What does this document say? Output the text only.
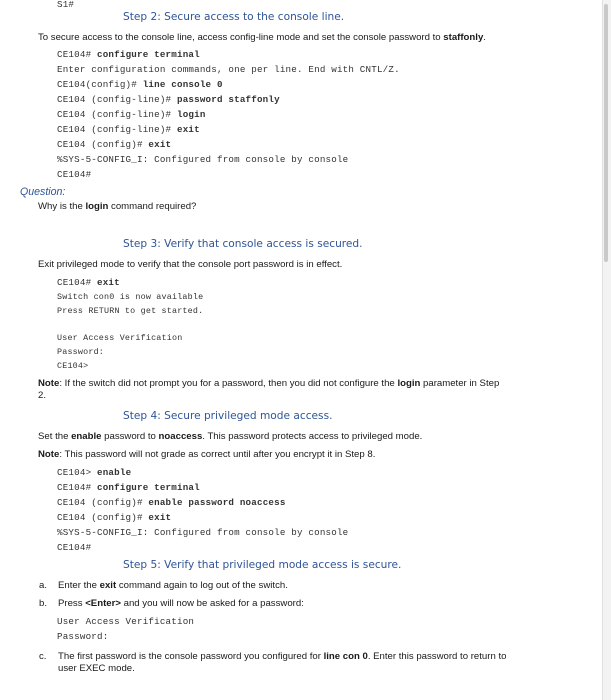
S1#
Step 2: Secure access to the console line.
To secure access to the console line, access config-line mode and set the console password to staffonly.
CE104# configure terminal
Enter configuration commands, one per line. End with CNTL/Z.
CE104(config)# line console 0
CE104 (config-line)# password staffonly
CE104 (config-line)# login
CE104 (config-line)# exit
CE104 (config)# exit
%SYS-5-CONFIG_I: Configured from console by console
CE104#
Question:
Why is the login command required?
Step 3: Verify that console access is secured.
Exit privileged mode to verify that the console port password is in effect.
CE104# exit
Switch con0 is now available
Press RETURN to get started.
User Access Verification
Password:
CE104>
Note: If the switch did not prompt you for a password, then you did not configure the login parameter in Step
2.
Step 4: Secure privileged mode access.
Set the enable password to noaccess. This password protects access to privileged mode.
Note: This password will not grade as correct until after you encrypt it in Step 8.
CE104> enable
CE104# configure terminal
CE104 (config)# enable password noaccess
CE104 (config)# exit
%SYS-5-CONFIG_I: Configured from console by console
CE104#
Step 5: Verify that privileged mode access is secure.
a. Enter the exit command again to log out of the switch.
b. Press <Enter> and you will now be asked for a password:
User Access Verification
Password:
c. The first password is the console password you configured for line con 0. Enter this password to return to
user EXEC mode.
